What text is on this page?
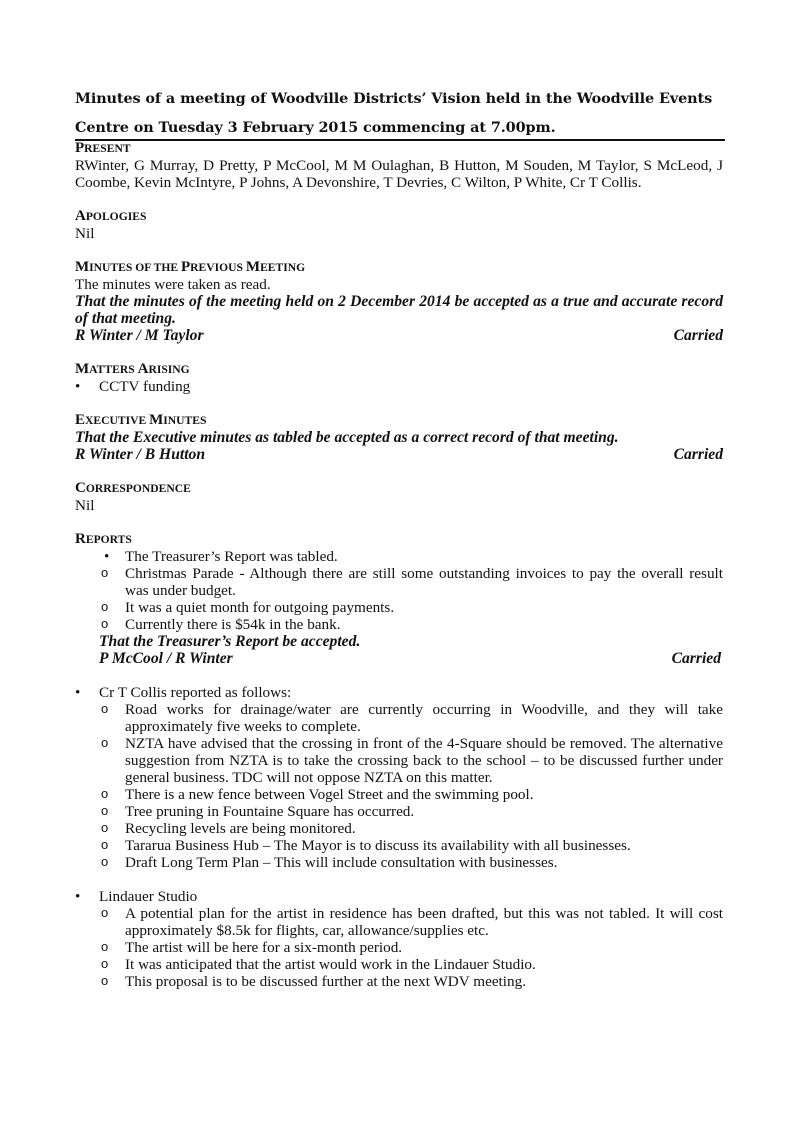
Minutes of a meeting of Woodville Districts’ Vision held in the Woodville Events
Centre on Tuesday 3 February 2015 commencing at 7.00pm.

PRESENT

RWinter, G Murray, D Pretty, P McCool, M M Oulaghan, B Hutton, M Souden, M Taylor, S McLeod, J Coombe, Kevin McIntyre, P Johns, A Devonshire, T Devries, C Wilton, P White, Cr T Collis.

APOLOGIES

Nil

MINUTES OF THE PREVIOUS MEETING

The minutes were taken as read.
That the minutes of the meeting held on 2 December 2014 be accepted as a true and accurate record of that meeting.
R Winter / M Taylor	Carried

MATTERS ARISING

• CCTV funding

EXECUTIVE MINUTES

That the Executive minutes as tabled be accepted as a correct record of that meeting.
R Winter / B Hutton	Carried

CORRESPONDENCE

Nil

REPORTS

• The Treasurer’s Report was tabled.
o Christmas Parade - Although there are still some outstanding invoices to pay the overall result was under budget.
o It was a quiet month for outgoing payments.
o Currently there is $54k in the bank.
That the Treasurer’s Report be accepted.
P McCool / R Winter	Carried
• Cr T Collis reported as follows:
o Road works for drainage/water are currently occurring in Woodville, and they will take approximately five weeks to complete.
o NZTA have advised that the crossing in front of the 4-Square should be removed. The alternative suggestion from NZTA is to take the crossing back to the school – to be discussed further under general business. TDC will not oppose NZTA on this matter.
o There is a new fence between Vogel Street and the swimming pool.
o Tree pruning in Fountaine Square has occurred.
o Recycling levels are being monitored.
o Tararua Business Hub – The Mayor is to discuss its availability with all businesses.
o Draft Long Term Plan – This will include consultation with businesses.
• Lindauer Studio
o A potential plan for the artist in residence has been drafted, but this was not tabled. It will cost approximately $8.5k for flights, car, allowance/supplies etc.
o The artist will be here for a six-month period.
o It was anticipated that the artist would work in the Lindauer Studio.
o This proposal is to be discussed further at the next WDV meeting.
